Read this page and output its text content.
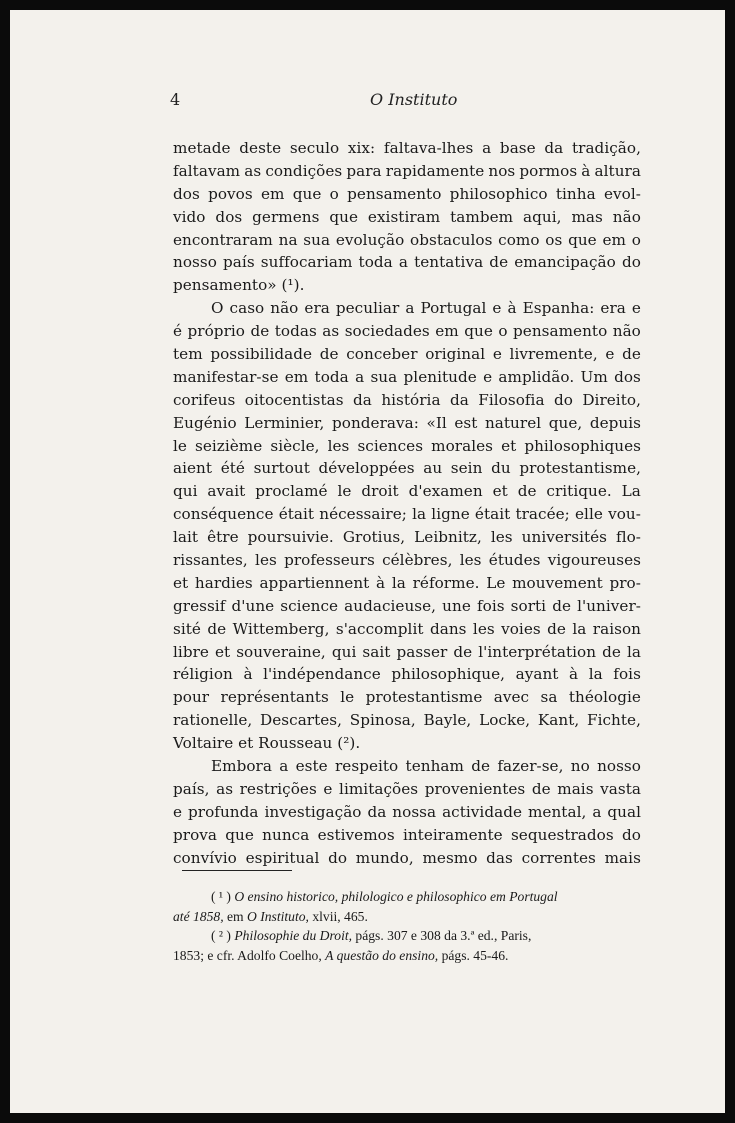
4	O Instituto
metade deste seculo xix: faltava-lhes a base da tradição,
faltavam as condições para rapidamente nos pormos à altura
dos povos em que o pensamento philosophico tinha evol-
vido dos germens que existiram tambem aqui, mas não
encontraram na sua evolução obstaculos como os que em o
nosso país suffocariam toda a tentativa de emancipação do
pensamento» (¹).
O caso não era peculiar a Portugal e à Espanha: era e
é próprio de todas as sociedades em que o pensamento não
tem possibilidade de conceber original e livremente, e de
manifestar-se em toda a sua plenitude e amplidão. Um dos
corifeus oitocentistas da história da Filosofia do Direito,
Eugénio Lerminier, ponderava: «Il est naturel que, depuis
le seizième siècle, les sciences morales et philosophiques
aient été surtout développées au sein du protestantisme,
qui avait proclamé le droit d'examen et de critique. La
conséquence était nécessaire; la ligne était tracée; elle vou-
lait être poursuivie. Grotius, Leibnitz, les universités flo-
rissantes, les professeurs célèbres, les études vigoureuses
et hardies appartiennent à la réforme. Le mouvement pro-
gressif d'une science audacieuse, une fois sorti de l'univer-
sité de Wittemberg, s'accomplit dans les voies de la raison
libre et souveraine, qui sait passer de l'interprétation de la
réligion à l'indépendance philosophique, ayant à la fois
pour représentants le protestantisme avec sa théologie
rationelle, Descartes, Spinosa, Bayle, Locke, Kant, Fichte,
Voltaire et Rousseau (²).
Embora a este respeito tenham de fazer-se, no nosso
país, as restrições e limitações provenientes de mais vasta
e profunda investigação da nossa actividade mental, a qual
prova que nunca estivemos inteiramente sequestrados do
convívio espiritual do mundo, mesmo das correntes mais
( ¹ ) O ensino historico, philologico e philosophico em Portugal
até 1858, em O Instituto, xlvii, 465.
( ² ) Philosophie du Droit, págs. 307 e 308 da 3.ª ed., Paris,
1853; e cfr. Adolfo Coelho, A questão do ensino, págs. 45-46.
